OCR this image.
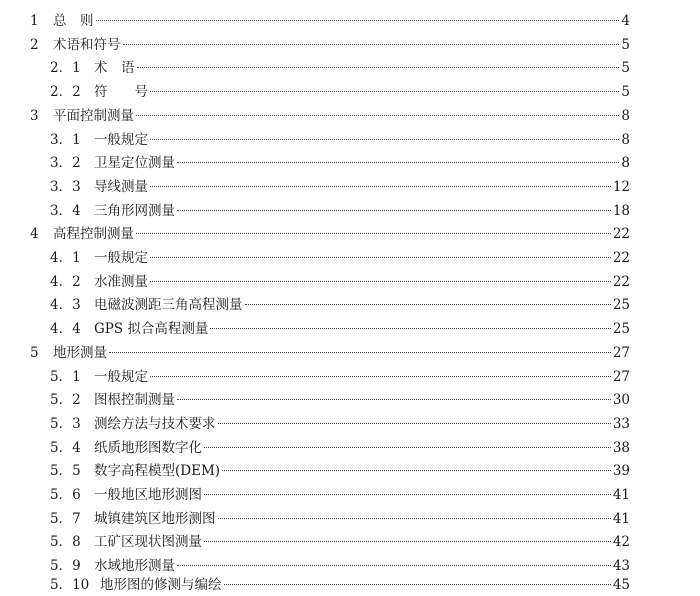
1	总　则	4
2	术语和符号	5
2．1 术　语	5
2．2 符　　号	5
3	平面控制测量	8
3．1 一般规定	8
3．2 卫星定位测量	8
3．3 导线测量	12
3．4 三角形网测量	18
4	高程控制测量	22
4．1 一般规定	22
4．2 水准测量	22
4．3 电磁波测距三角高程测量	25
4．4 GPS 拟合高程测量	25
5	地形测量	27
5．1 一般规定	27
5．2 图根控制测量	30
5．3 测绘方法与技术要求	33
5．4 纸质地形图数字化	38
5．5 数字高程模型(DEM)	39
5．6 一般地区地形测图	41
5．7 城镇建筑区地形测图	41
5．8 工矿区现状图测量	42
5．9 水域地形测量	43
5．10 地形图的修测与编绘	45
